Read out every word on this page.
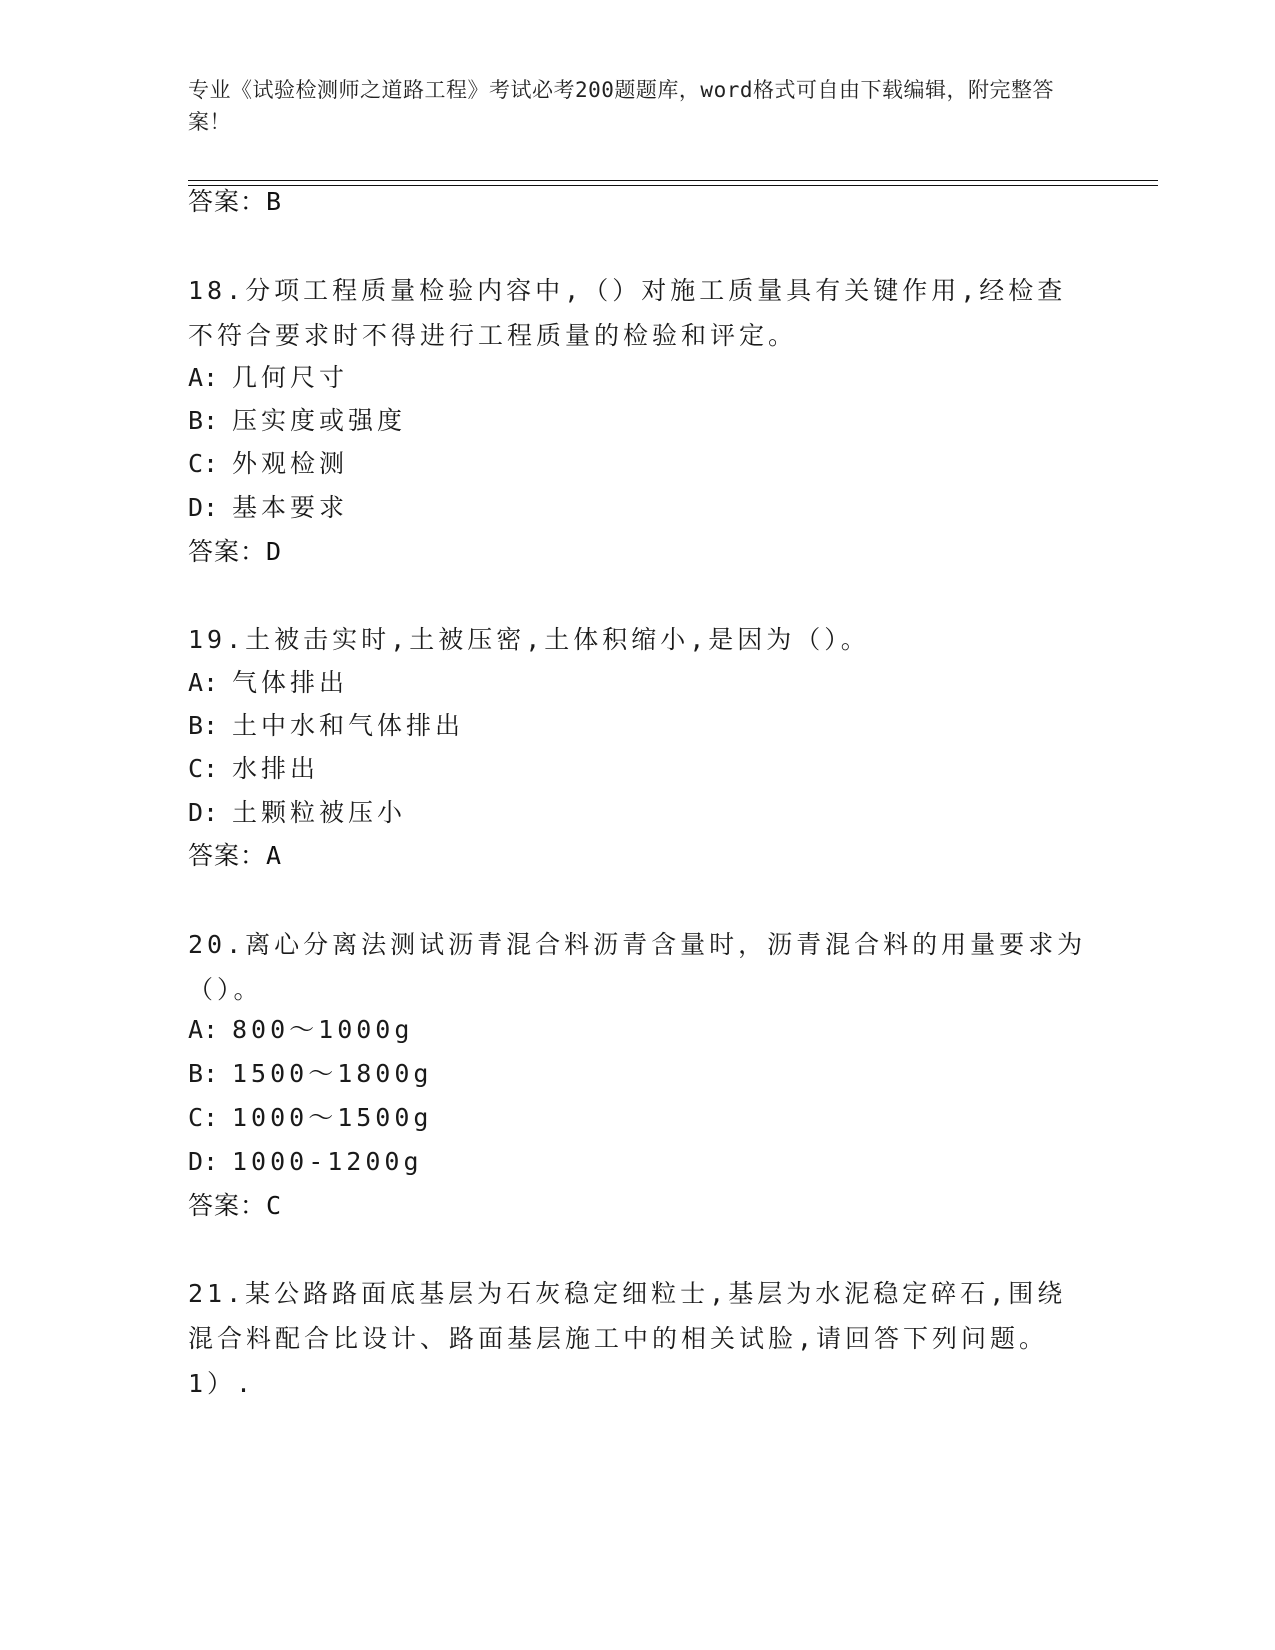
专业《试验检测师之道路工程》考试必考200题题库，word格式可自由下载编辑，附完整答案！
答案：B
18.分项工程质量检验内容中,（）对施工质量具有关键作用,经检查不符合要求时不得进行工程质量的检验和评定。
A: 几何尺寸
B: 压实度或强度
C: 外观检测
D: 基本要求
答案：D
19.土被击实时,土被压密,土体积缩小,是因为（）。
A: 气体排出
B: 土中水和气体排出
C: 水排出
D: 土颗粒被压小
答案：A
20.离心分离法测试沥青混合料沥青含量时，沥青混合料的用量要求为（）。
A: 800～1000g
B: 1500～1800g
C: 1000～1500g
D: 1000-1200g
答案：C
21.某公路路面底基层为石灰稳定细粒士,基层为水泥稳定碎石,围绕混合料配合比设计、路面基层施工中的相关试脸,请回答下列问题。1）.
